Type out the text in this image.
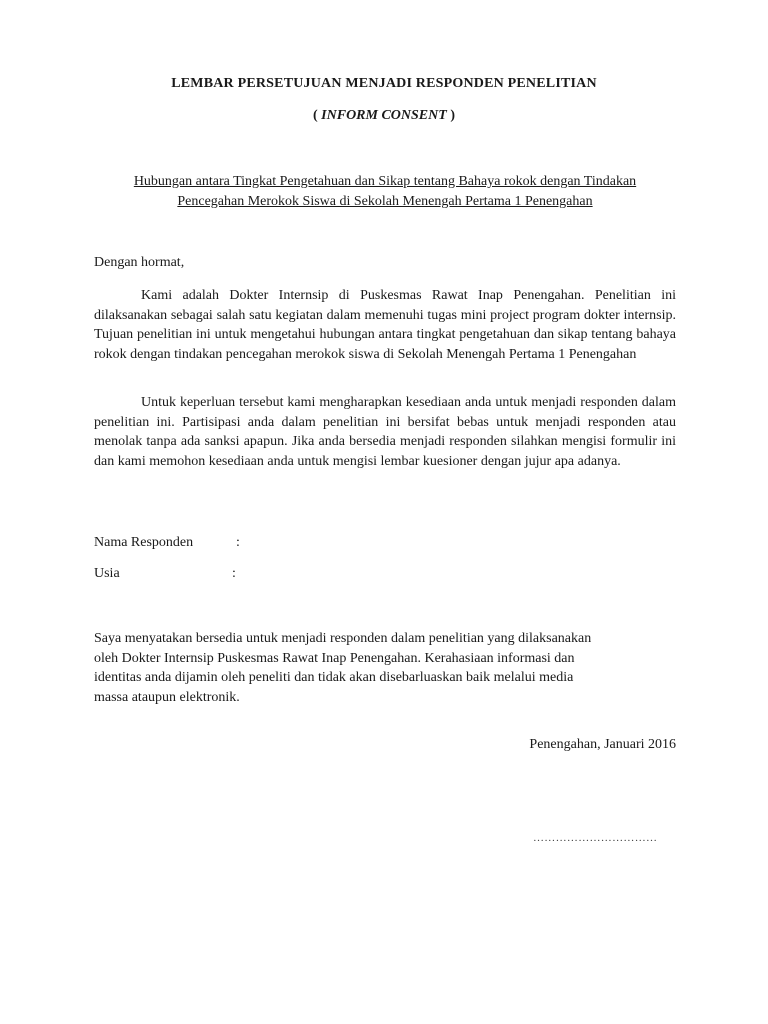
LEMBAR PERSETUJUAN MENJADI RESPONDEN PENELITIAN
( INFORM CONSENT )
Hubungan antara Tingkat Pengetahuan dan Sikap tentang Bahaya rokok dengan Tindakan
Pencegahan Merokok Siswa di Sekolah Menengah Pertama 1 Penengahan
Dengan hormat,
Kami adalah Dokter Internsip di Puskesmas Rawat Inap Penengahan. Penelitian ini dilaksanakan sebagai salah satu kegiatan dalam memenuhi tugas mini project program dokter internsip. Tujuan penelitian ini untuk mengetahui hubungan antara tingkat pengetahuan dan sikap tentang bahaya rokok dengan tindakan pencegahan merokok siswa di Sekolah Menengah Pertama 1 Penengahan
Untuk keperluan tersebut kami mengharapkan kesediaan anda untuk menjadi responden dalam penelitian ini. Partisipasi anda dalam penelitian ini bersifat bebas untuk menjadi responden atau menolak tanpa ada sanksi apapun. Jika anda bersedia menjadi responden silahkan mengisi formulir ini dan kami memohon kesediaan anda untuk mengisi lembar kuesioner dengan jujur apa adanya.
Nama Responden	:
Usia	:
Saya menyatakan bersedia untuk menjadi responden dalam penelitian yang dilaksanakan
oleh Dokter Internsip Puskesmas Rawat Inap Penengahan. Kerahasiaan informasi dan
identitas anda dijamin oleh peneliti dan tidak akan disebarluaskan baik melalui media
massa ataupun elektronik.
Penengahan, Januari 2016
……………………………
